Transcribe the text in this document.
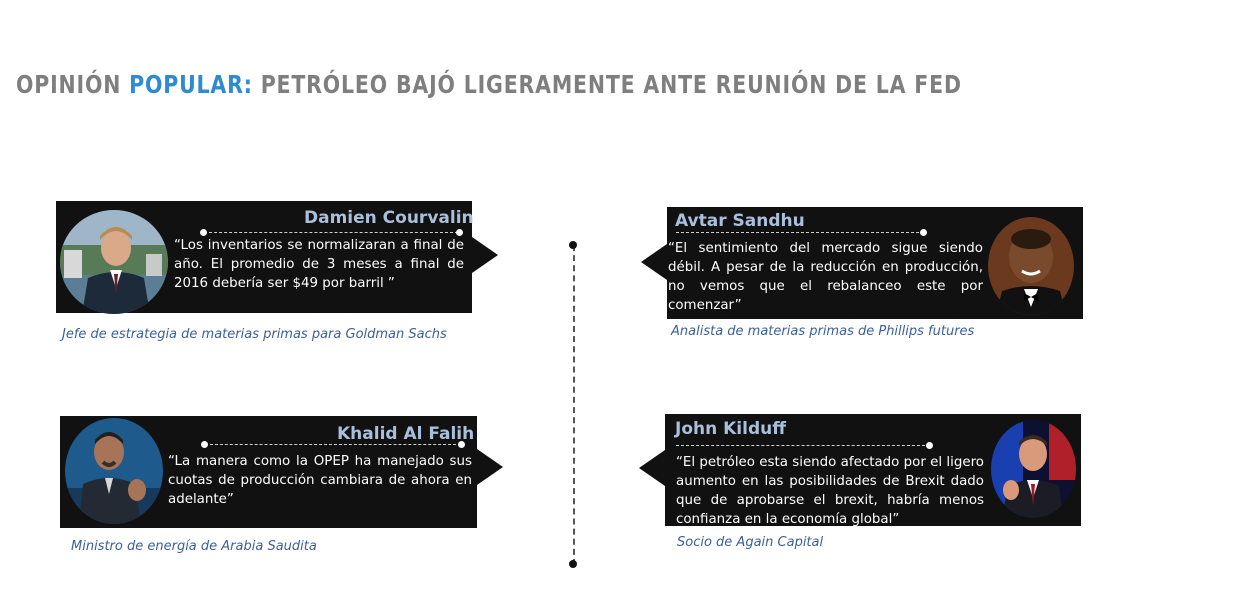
OPINIÓN POPULAR: PETRÓLEO BAJÓ LIGERAMENTE ANTE REUNIÓN DE LA FED
Damien Courvalin
“Los inventarios se normalizaran a final de año. El promedio de 3 meses a final de 2016 debería ser $49 por barril ”
Jefe de estrategia de materias primas para Goldman Sachs
Avtar Sandhu
“El sentimiento del mercado sigue siendo débil. A pesar de la reducción en producción, no vemos que el rebalanceo este por comenzar”
Analista de materias primas de Phillips futures
Khalid Al Falih
“La manera como la OPEP ha manejado sus cuotas de producción cambiara de ahora en adelante”
Ministro de energía de Arabia Saudita
John Kilduff
“El petróleo esta siendo afectado por el ligero aumento en las posibilidades de Brexit dado que de aprobarse el brexit, habría menos confianza en la economía global”
Socio de Again Capital
